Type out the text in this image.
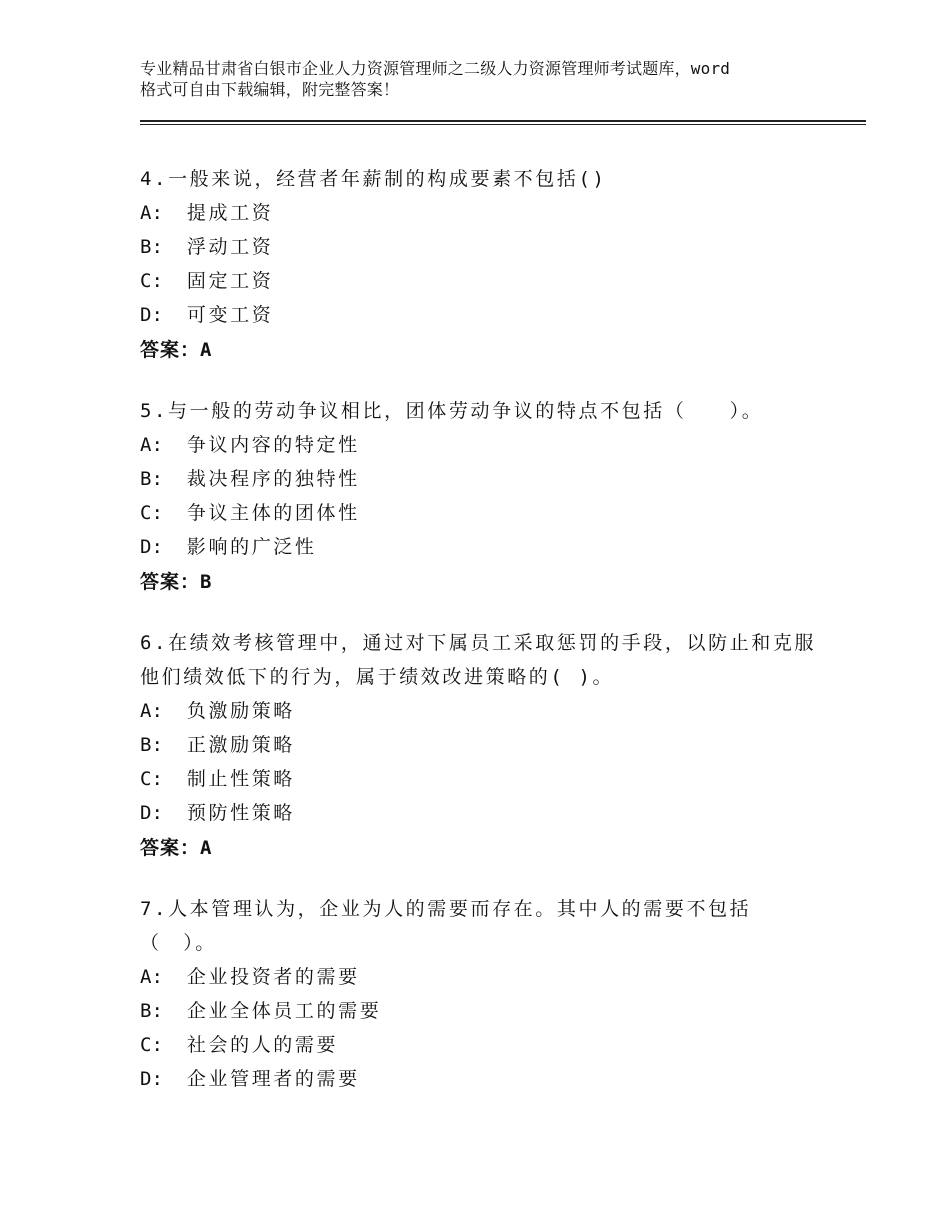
专业精品甘肃省白银市企业人力资源管理师之二级人力资源管理师考试题库，word
格式可自由下载编辑，附完整答案！
4.一般来说，经营者年薪制的构成要素不包括()
A: 提成工资
B: 浮动工资
C: 固定工资
D: 可变工资
答案：A
5.与一般的劳动争议相比，团体劳动争议的特点不包括（　　）。
A: 争议内容的特定性
B: 裁决程序的独特性
C: 争议主体的团体性
D: 影响的广泛性
答案：B
6.在绩效考核管理中，通过对下属员工采取惩罚的手段，以防止和克服他们绩效低下的行为，属于绩效改进策略的( )。
A: 负激励策略
B: 正激励策略
C: 制止性策略
D: 预防性策略
答案：A
7.人本管理认为，企业为人的需要而存在。其中人的需要不包括（　）。
A: 企业投资者的需要
B: 企业全体员工的需要
C: 社会的人的需要
D: 企业管理者的需要
